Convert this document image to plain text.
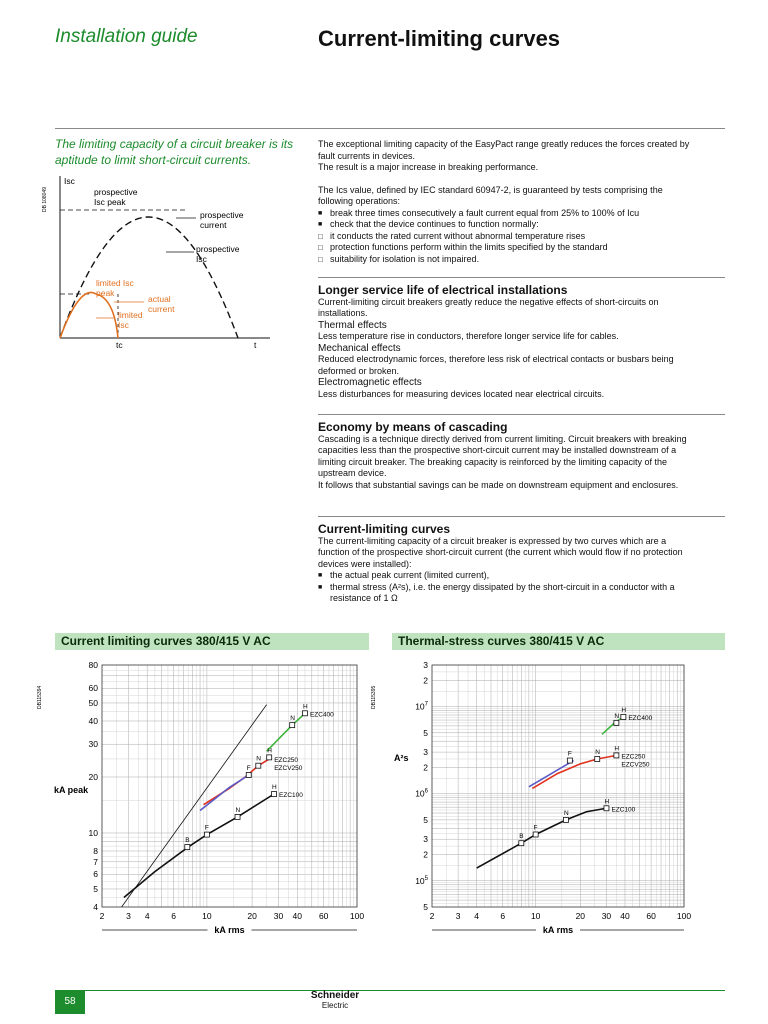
Installation guide	Current-limiting curves
The limiting capacity of a circuit breaker is its aptitude to limit short-circuit currents.
DB 108049
Isc
prospective
Isc peak
prospective
current
prospective
Isc
limited Isc
peak
actual
current
limited
Isc
tc	t

The exceptional limiting capacity of the EasyPact range greatly reduces the forces created by fault currents in devices.

The result is a major increase in breaking performance.

The Ics value, defined by IEC standard 60947-2, is guaranteed by tests comprising the following operations:

■ break three times consecutively a fault current equal from 25% to 100% of Icu

■ check that the device continues to function normally:

□ it conducts the rated current without abnormal temperature rises

□ protection functions perform within the limits specified by the standard

□ suitability for isolation is not impaired.

Longer service life of electrical installations

Current-limiting circuit breakers greatly reduce the negative effects of short-circuits on installations.

Thermal effects

Less temperature rise in conductors, therefore longer service life for cables.

Mechanical effects

Reduced electrodynamic forces, therefore less risk of electrical contacts or busbars being deformed or broken.

Electromagnetic effects

Less disturbances for measuring devices located near electrical circuits.

Economy by means of cascading

Cascading is a technique directly derived from current limiting. Circuit breakers with breaking capacities less than the prospective short-circuit current may be installed downstream of a limiting circuit breaker. The breaking capacity is reinforced by the limiting capacity of the upstream device.

It follows that substantial savings can be made on downstream equipment and enclosures.

Current-limiting curves

The current-limiting capacity of a circuit breaker is expressed by two curves which are a function of the prospective short-circuit current (the current which would flow if no protection devices were installed):

■ the actual peak current (limited current),

■ thermal stress (A²s), i.e. the energy dissipated by the short-circuit in a conductor with a resistance of 1 Ω

Current limiting curves 380/415 V AC	Thermal-stress curves 380/415 V AC
2	3 4	6	10	20 30 40 60	100
4
5
6
7
8
10
20
30
40
50
60
80
B
F
N
H
F
N
H
N
H
EZC400
EZC250
EZCV250
EZC100
kA rms
DB115394
kA peak
2	3 4	6	10	20 30 40 60 100
5
$10^5$
2
3
5
$10^6$
2
3
5
$10^7$
2
3
B
F
N
H
F	N
H
N
H
EZC400
EZC250
EZCV250
EZC100
kA rms
DB115395
A²s
58
Schneider
Electric
